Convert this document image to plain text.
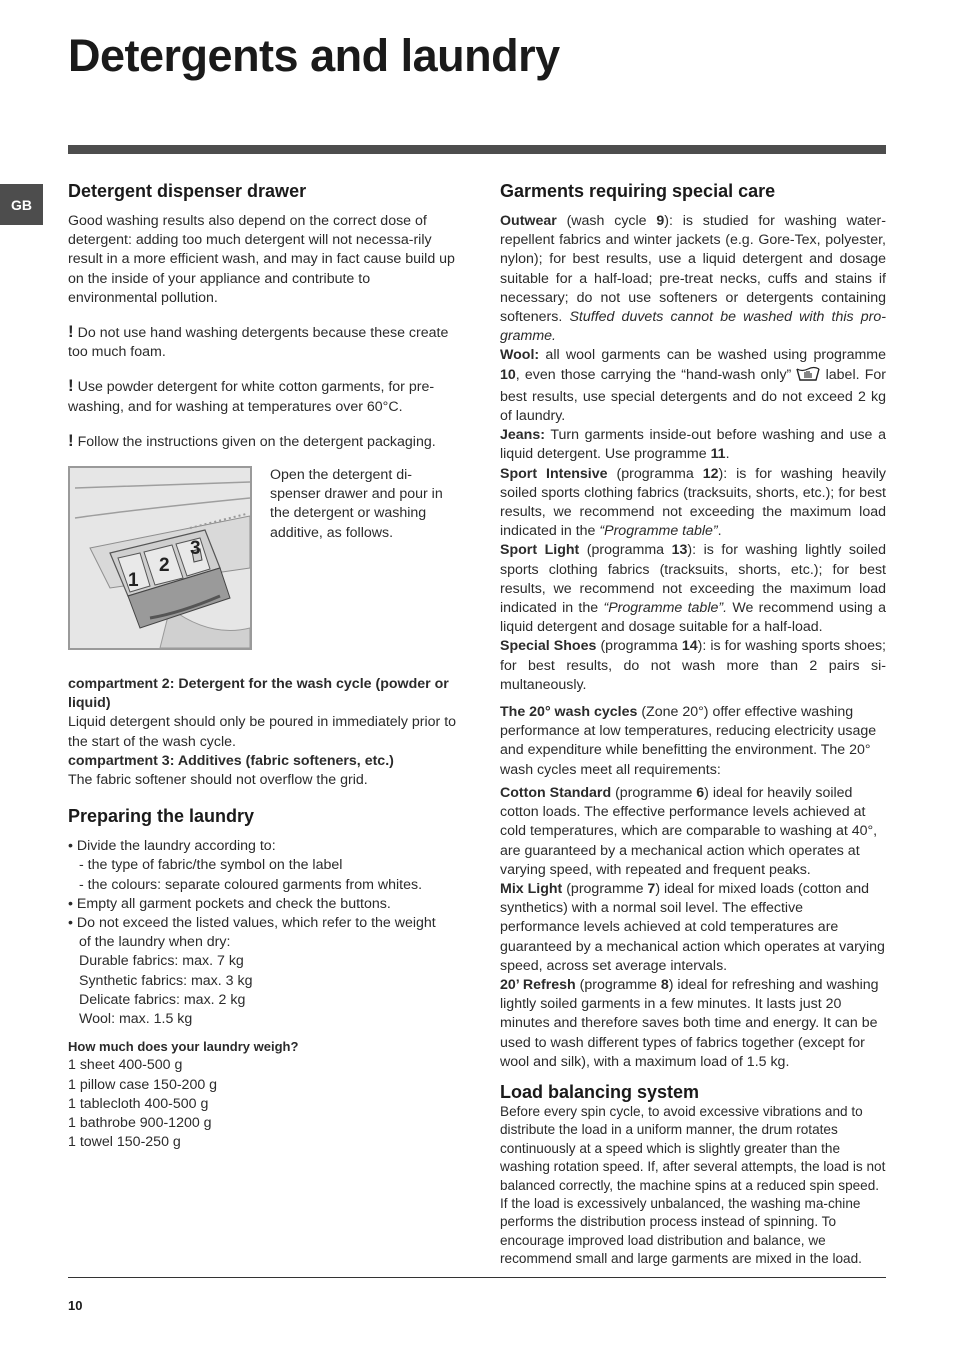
Detergents and laundry
GB
Detergent dispenser drawer

Good washing results also depend on the correct dose of detergent: adding too much detergent will not necessa-rily result in a more efficient wash, and may in fact cause build up on the inside of your appliance and contribute to environmental pollution.

! Do not use hand washing detergents because these create too much foam.

! Use powder detergent for white cotton garments, for pre-washing, and for washing at temperatures over 60°C.

! Follow the instructions given on the detergent packaging.

1
2
3

Open the detergent di-spenser drawer and pour in the detergent or washing additive, as follows.

compartment 2: Detergent for the wash cycle (powder or liquid)

Liquid detergent should only be poured in immediately prior to the start of the wash cycle.

compartment 3: Additives (fabric softeners, etc.)

The fabric softener should not overflow the grid.

Preparing the laundry
• Divide the laundry according to:
- the type of fabric/the symbol on the label
- the colours: separate coloured garments from whites.
• Empty all garment pockets and check the buttons.
• Do not exceed the listed values, which refer to the weight
of the laundry when dry:
Durable fabrics: max. 7 kg
Synthetic fabrics: max. 3 kg
Delicate fabrics: max. 2 kg
Wool: max. 1.5 kg

How much does your laundry weigh?

1 sheet 400-500 g
1 pillow case 150-200 g
1 tablecloth 400-500 g
1 bathrobe 900-1200 g
1 towel 150-250 g
Garments requiring special care

Outwear (wash cycle 9): is studied for washing water-repellent fabrics and winter jackets (e.g. Gore-Tex, polyester, nylon); for best results, use a liquid detergent and dosage suitable for a half-load; pre-treat necks, cuffs and stains if necessary; do not use softeners or detergents containing softeners. Stuffed duvets cannot be washed with this pro-gramme.

Wool: all wool garments can be washed using programme 10, even those carrying the “hand-wash only”  label. For best results, use special detergents and do not exceed 2 kg of laundry.

Jeans: Turn garments inside-out before washing and use a liquid detergent. Use programme 11.

Sport Intensive (programma 12): is for washing heavily soiled sports clothing fabrics (tracksuits, shorts, etc.); for best results, we recommend not exceeding the maximum load indicated in the “Programme table”.

Sport Light (programma 13): is for washing lightly soiled sports clothing fabrics (tracksuits, shorts, etc.); for best results, we recommend not exceeding the maximum load indicated in the “Programme table”. We recommend using a liquid detergent and dosage suitable for a half-load.

Special Shoes (programma 14): is for washing sports shoes; for best results, do not wash more than 2 pairs si-multaneously.

The 20° wash cycles (Zone 20°) offer effective washing performance at low temperatures, reducing electricity usage and expenditure while benefitting the environment. The 20° wash cycles meet all requirements:

Cotton Standard (programme 6) ideal for heavily soiled cotton loads. The effective performance levels achieved at cold temperatures, which are comparable to washing at 40°, are guaranteed by a mechanical action which operates at varying speed, with repeated and frequent peaks.

Mix Light (programme 7) ideal for mixed loads (cotton and synthetics) with a normal soil level. The effective performance levels achieved at cold temperatures are guaranteed by a mechanical action which operates at varying speed, across set average intervals.

20’ Refresh (programme 8) ideal for refreshing and washing lightly soiled garments in a few minutes. It lasts just 20 minutes and therefore saves both time and energy. It can be used to wash different types of fabrics together (except for wool and silk), with a maximum load of 1.5 kg.

Load balancing system

Before every spin cycle, to avoid excessive vibrations and to distribute the load in a uniform manner, the drum rotates continuously at a speed which is slightly greater than the washing rotation speed. If, after several attempts, the load is not balanced correctly, the machine spins at a reduced spin speed. If the load is excessively unbalanced, the washing ma-chine performs the distribution process instead of spinning. To encourage improved load distribution and balance, we recommend small and large garments are mixed in the load.

10
